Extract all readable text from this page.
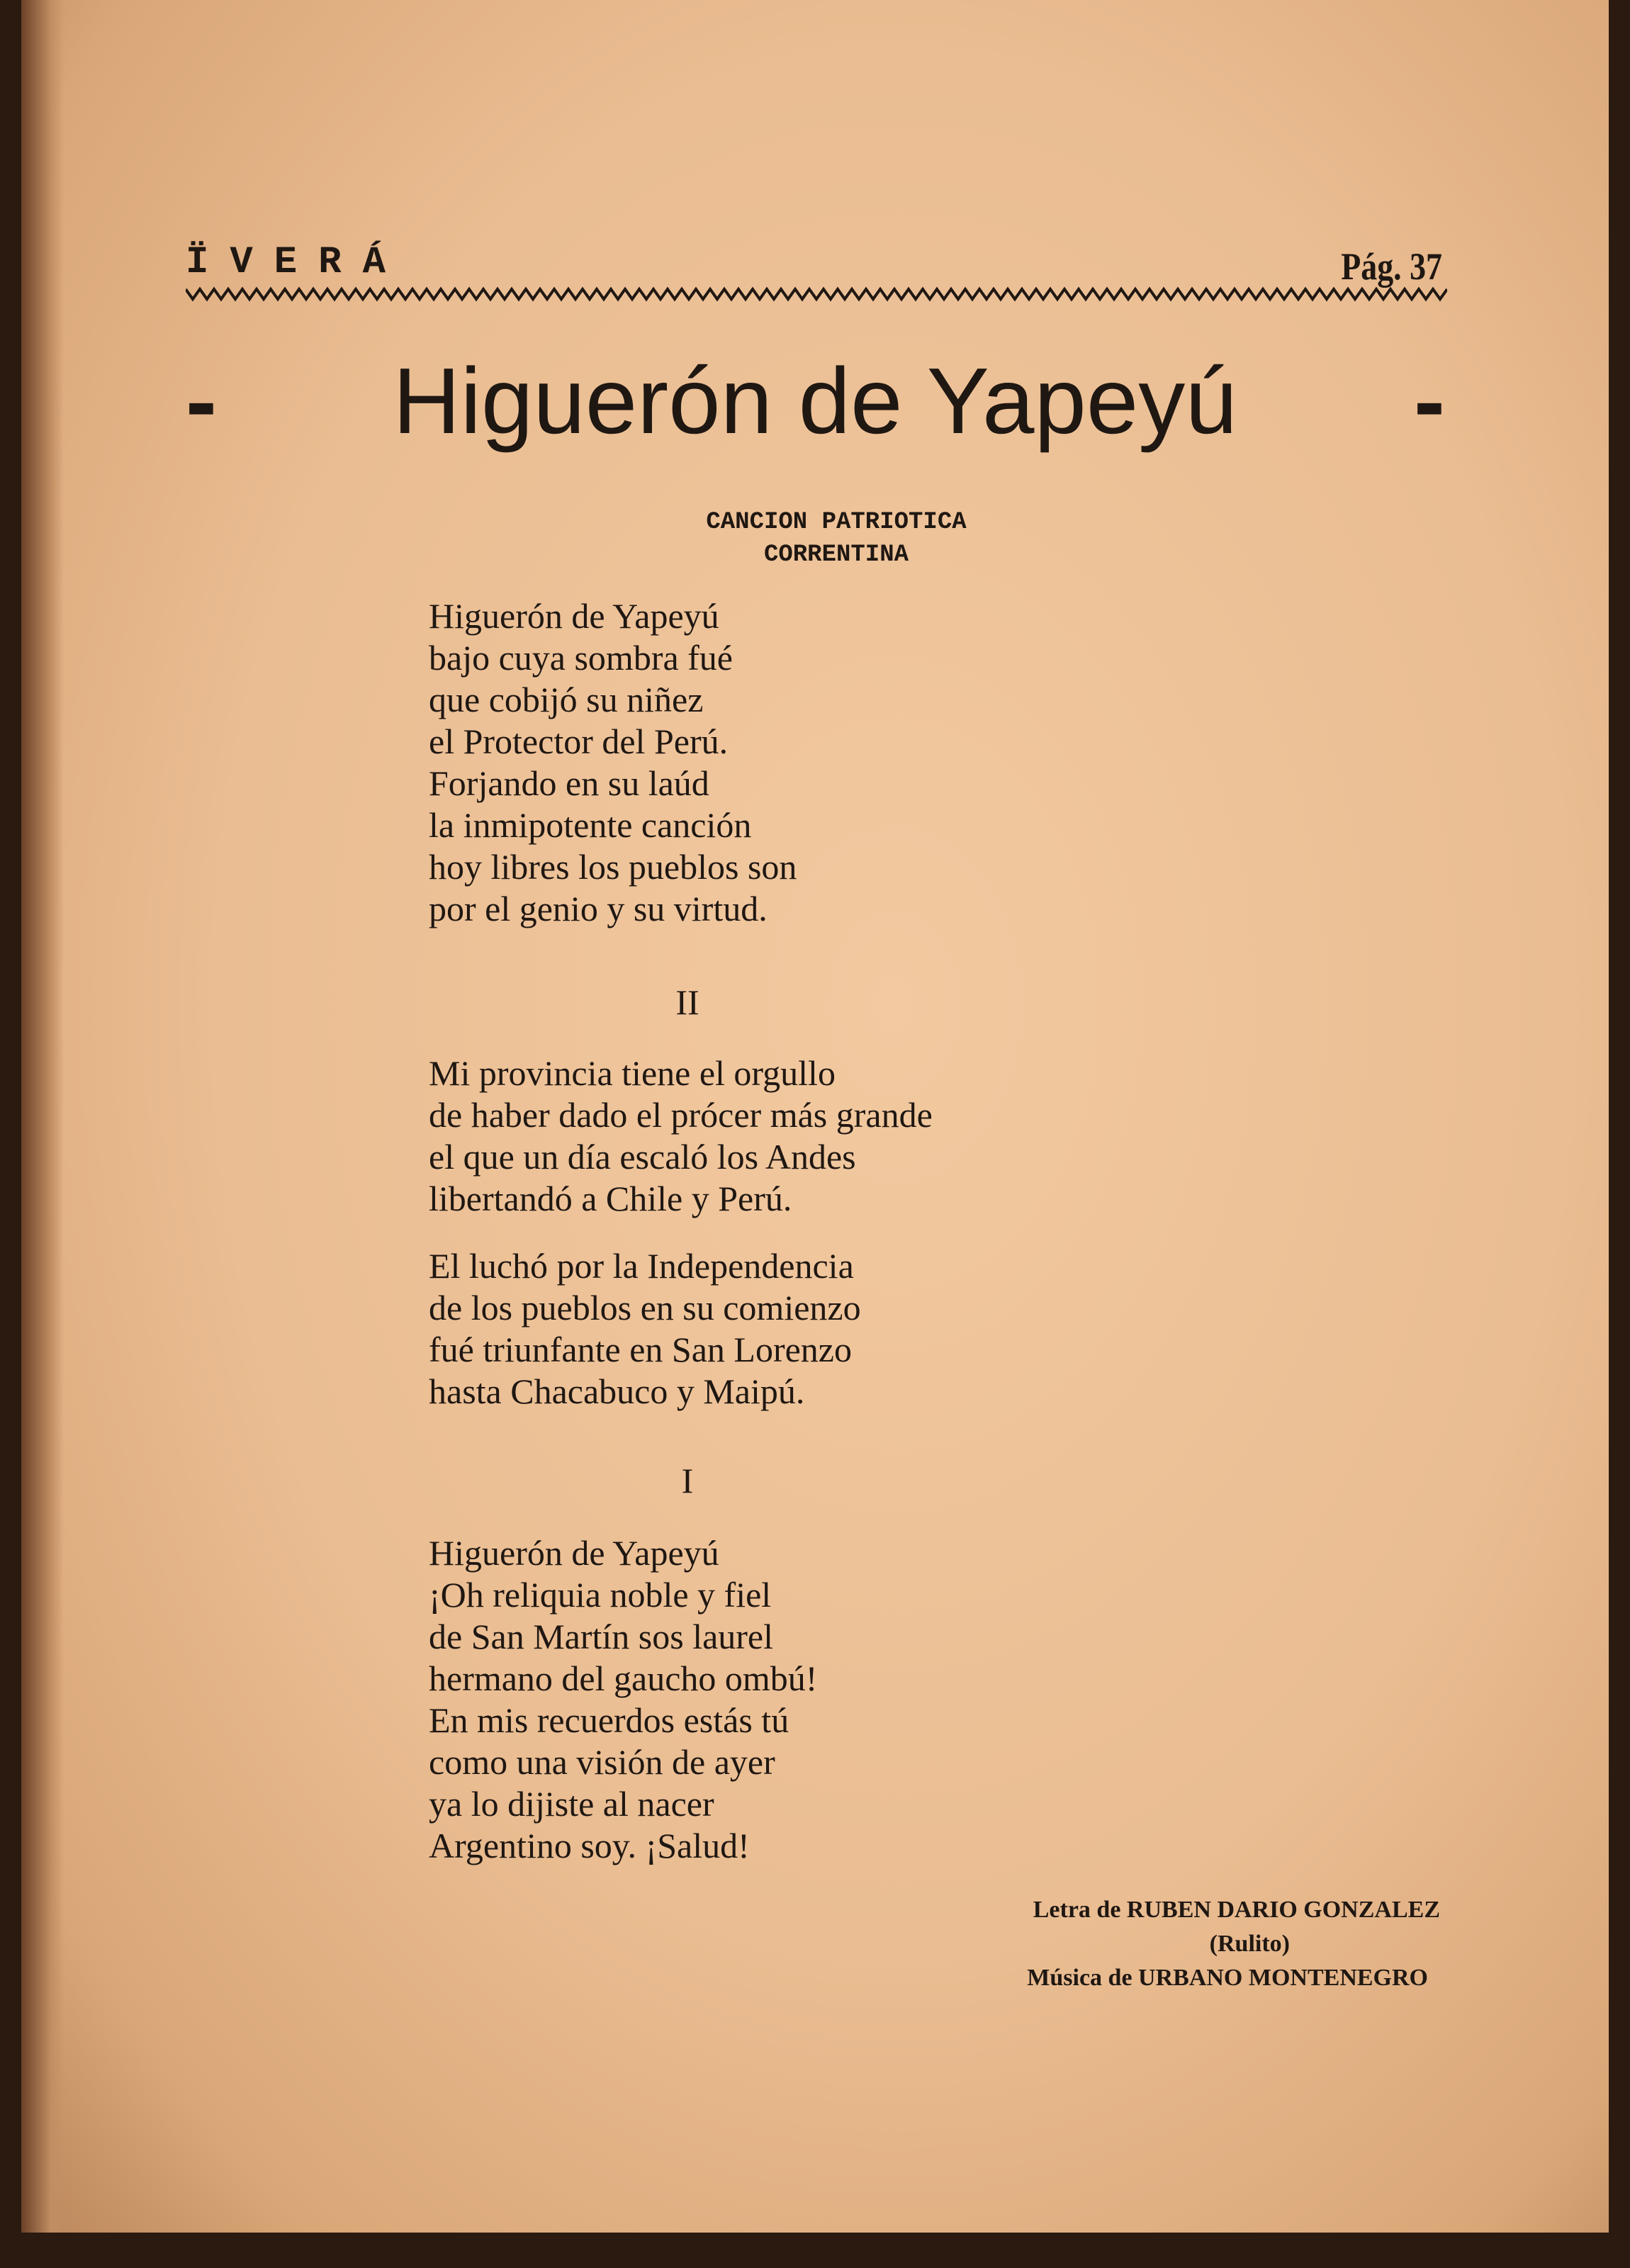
ÏVERÁ	Pág. 37
-	Higuerón de Yapeyú	-
CANCION PATRIOTICA
CORRENTINA
Higuerón de Yapeyú
bajo cuya sombra fué
que cobijó su niñez
el Protector del Perú.
Forjando en su laúd
la inmipotente canción
hoy libres los pueblos son
por el genio y su virtud.
II
Mi provincia tiene el orgullo
de haber dado el prócer más grande
el que un día escaló los Andes
libertandó a Chile y Perú.
El luchó por la Independencia
de los pueblos en su comienzo
fué triunfante en San Lorenzo
hasta Chacabuco y Maipú.
I
Higuerón de Yapeyú
¡Oh reliquia noble y fiel
de San Martín sos laurel
hermano del gaucho ombú!
En mis recuerdos estás tú
como una visión de ayer
ya lo dijiste al nacer
Argentino soy. ¡Salud!
Letra de RUBEN DARIO GONZALEZ
(Rulito)
Música de URBANO MONTENEGRO
